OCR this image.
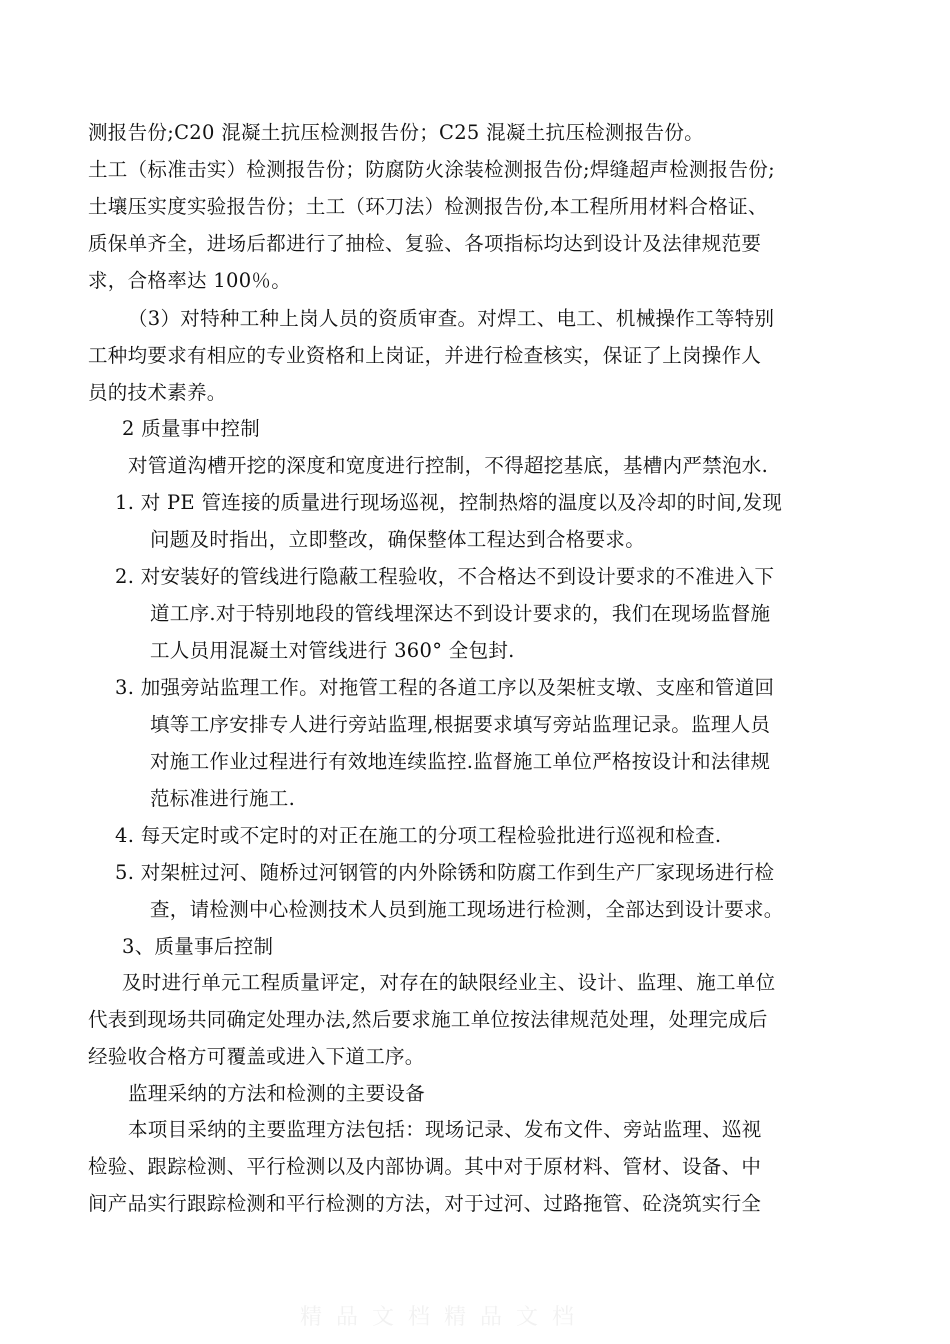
测报告份;C20 混凝土抗压检测报告份；C25 混凝土抗压检测报告份。
土工（标准击实）检测报告份；防腐防火涂装检测报告份;焊缝超声检测报告份;
土壤压实度实验报告份；土工（环刀法）检测报告份,本工程所用材料合格证、
质保单齐全，进场后都进行了抽检、复验、各项指标均达到设计及法律规范要
求，合格率达 100％。
（3）对特种工种上岗人员的资质审查。对焊工、电工、机械操作工等特别
工种均要求有相应的专业资格和上岗证，并进行检查核实，保证了上岗操作人
员的技术素养。
2 质量事中控制
对管道沟槽开挖的深度和宽度进行控制，不得超挖基底，基槽内严禁泡水.
1. 对 PE 管连接的质量进行现场巡视，控制热熔的温度以及冷却的时间,发现
问题及时指出，立即整改，确保整体工程达到合格要求。
2. 对安装好的管线进行隐蔽工程验收，不合格达不到设计要求的不准进入下
道工序.对于特别地段的管线埋深达不到设计要求的，我们在现场监督施
工人员用混凝土对管线进行 360° 全包封.
3. 加强旁站监理工作。对拖管工程的各道工序以及架桩支墩、支座和管道回
填等工序安排专人进行旁站监理,根据要求填写旁站监理记录。监理人员
对施工作业过程进行有效地连续监控.监督施工单位严格按设计和法律规
范标准进行施工.
4. 每天定时或不定时的对正在施工的分项工程检验批进行巡视和检查.
5. 对架桩过河、随桥过河钢管的内外除锈和防腐工作到生产厂家现场进行检
查，请检测中心检测技术人员到施工现场进行检测，全部达到设计要求。
3、质量事后控制
及时进行单元工程质量评定，对存在的缺限经业主、设计、监理、施工单位
代表到现场共同确定处理办法,然后要求施工单位按法律规范处理，处理完成后
经验收合格方可覆盖或进入下道工序。
监理采纳的方法和检测的主要设备
本项目采纳的主要监理方法包括：现场记录、发布文件、旁站监理、巡视
检验、跟踪检测、平行检测以及内部协调。其中对于原材料、管材、设备、中
间产品实行跟踪检测和平行检测的方法，对于过河、过路拖管、砼浇筑实行全
精品文档精品文档
